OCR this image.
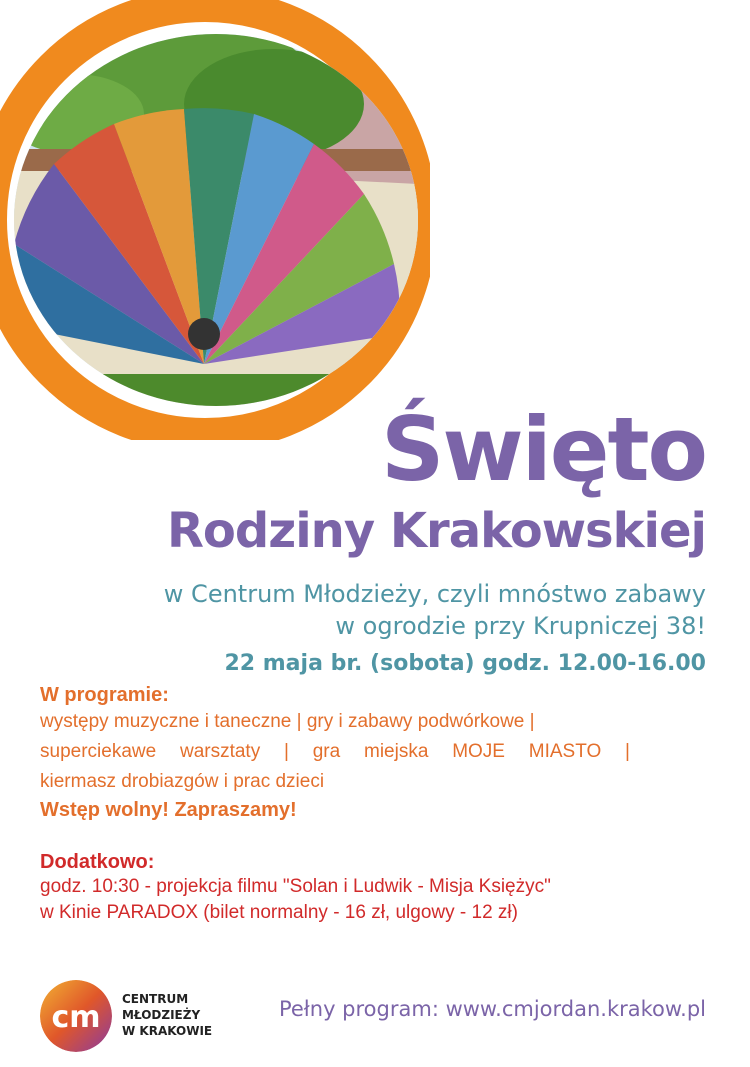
Święto
Rodziny Krakowskiej
w Centrum Młodzieży, czyli mnóstwo zabawy
w ogrodzie przy Krupniczej 38!
22 maja br. (sobota) godz. 12.00-16.00
W programie:
występy muzyczne i taneczne | gry i zabawy podwórkowe |
superciekawe warsztaty | gra miejska MOJE MIASTO |
kiermasz drobiazgów i prac dzieci
Wstęp wolny! Zapraszamy!
Dodatkowo:
godz. 10:30 - projekcja filmu "Solan i Ludwik - Misja Księżyc"
w Kinie PARADOX (bilet normalny - 16 zł, ulgowy - 12 zł)
cm
CENTRUM
MŁODZIEŻY
W KRAKOWIE
Pełny program: www.cmjordan.krakow.pl
